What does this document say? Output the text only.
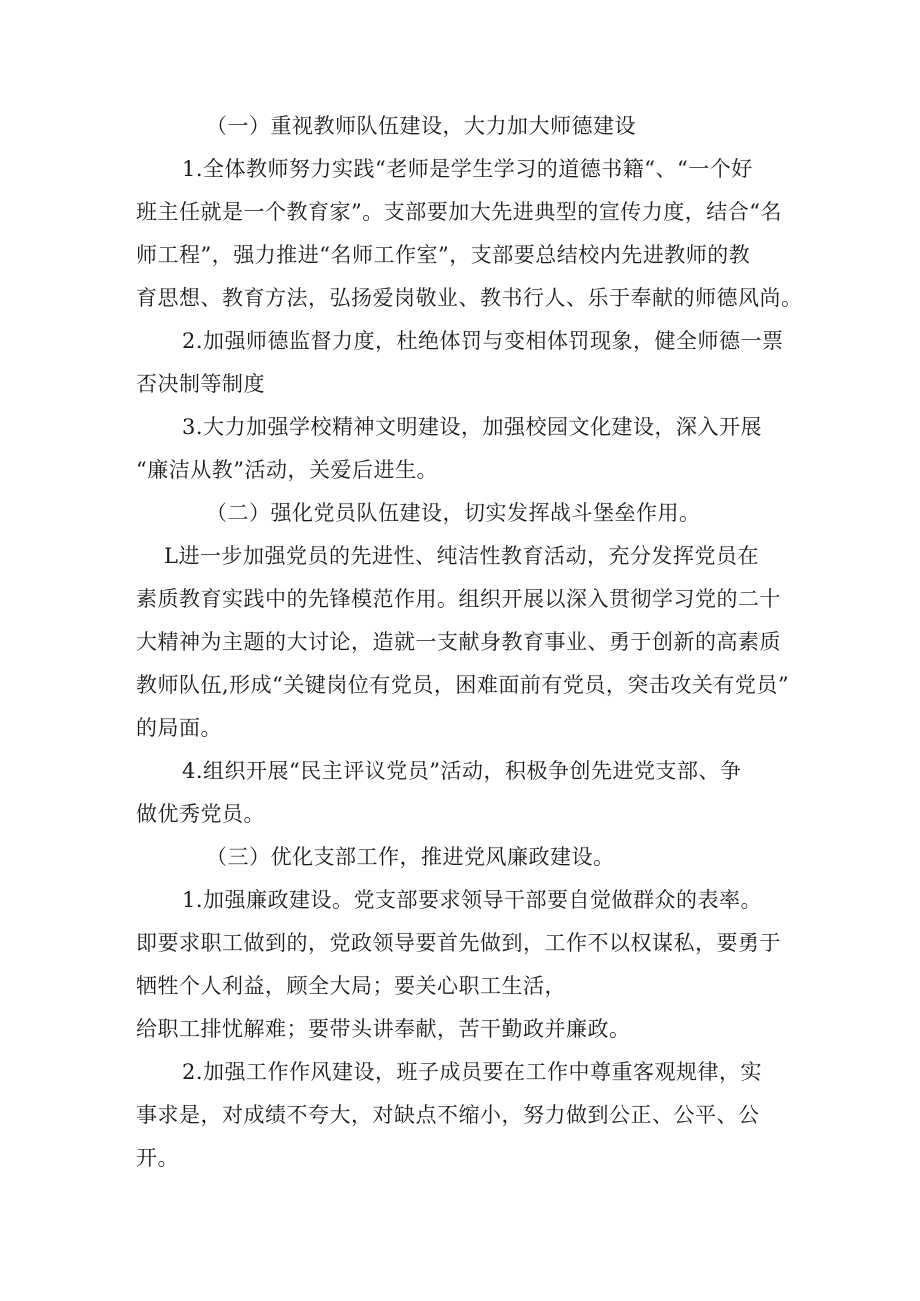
（一）重视教师队伍建设，大力加大师德建设
1.全体教师努力实践“老师是学生学习的道德书籍“、“一个好
班主任就是一个教育家”。支部要加大先进典型的宣传力度，结合“名
师工程”，强力推进“名师工作室”，支部要总结校内先进教师的教
育思想、教育方法，弘扬爱岗敬业、教书行人、乐于奉献的师德风尚。
2.加强师德监督力度，杜绝体罚与变相体罚现象，健全师德一票
否决制等制度
3.大力加强学校精神文明建设，加强校园文化建设，深入开展
“廉洁从教”活动，关爱后进生。
（二）强化党员队伍建设，切实发挥战斗堡垒作用。
L进一步加强党员的先进性、纯洁性教育活动，充分发挥党员在
素质教育实践中的先锋模范作用。组织开展以深入贯彻学习党的二十
大精神为主题的大讨论，造就一支献身教育事业、勇于创新的高素质
教师队伍,形成“关键岗位有党员，困难面前有党员，突击攻关有党员”
的局面。
4.组织开展“民主评议党员”活动，积极争创先进党支部、争
做优秀党员。
（三）优化支部工作，推进党风廉政建设。
1.加强廉政建设。党支部要求领导干部要自觉做群众的表率。
即要求职工做到的，党政领导要首先做到，工作不以权谋私，要勇于
牺牲个人利益，顾全大局；要关心职工生活，
给职工排忧解难；要带头讲奉献，苦干勤政并廉政。
2.加强工作作风建设，班子成员要在工作中尊重客观规律，实
事求是，对成绩不夸大，对缺点不缩小，努力做到公正、公平、公
开。
